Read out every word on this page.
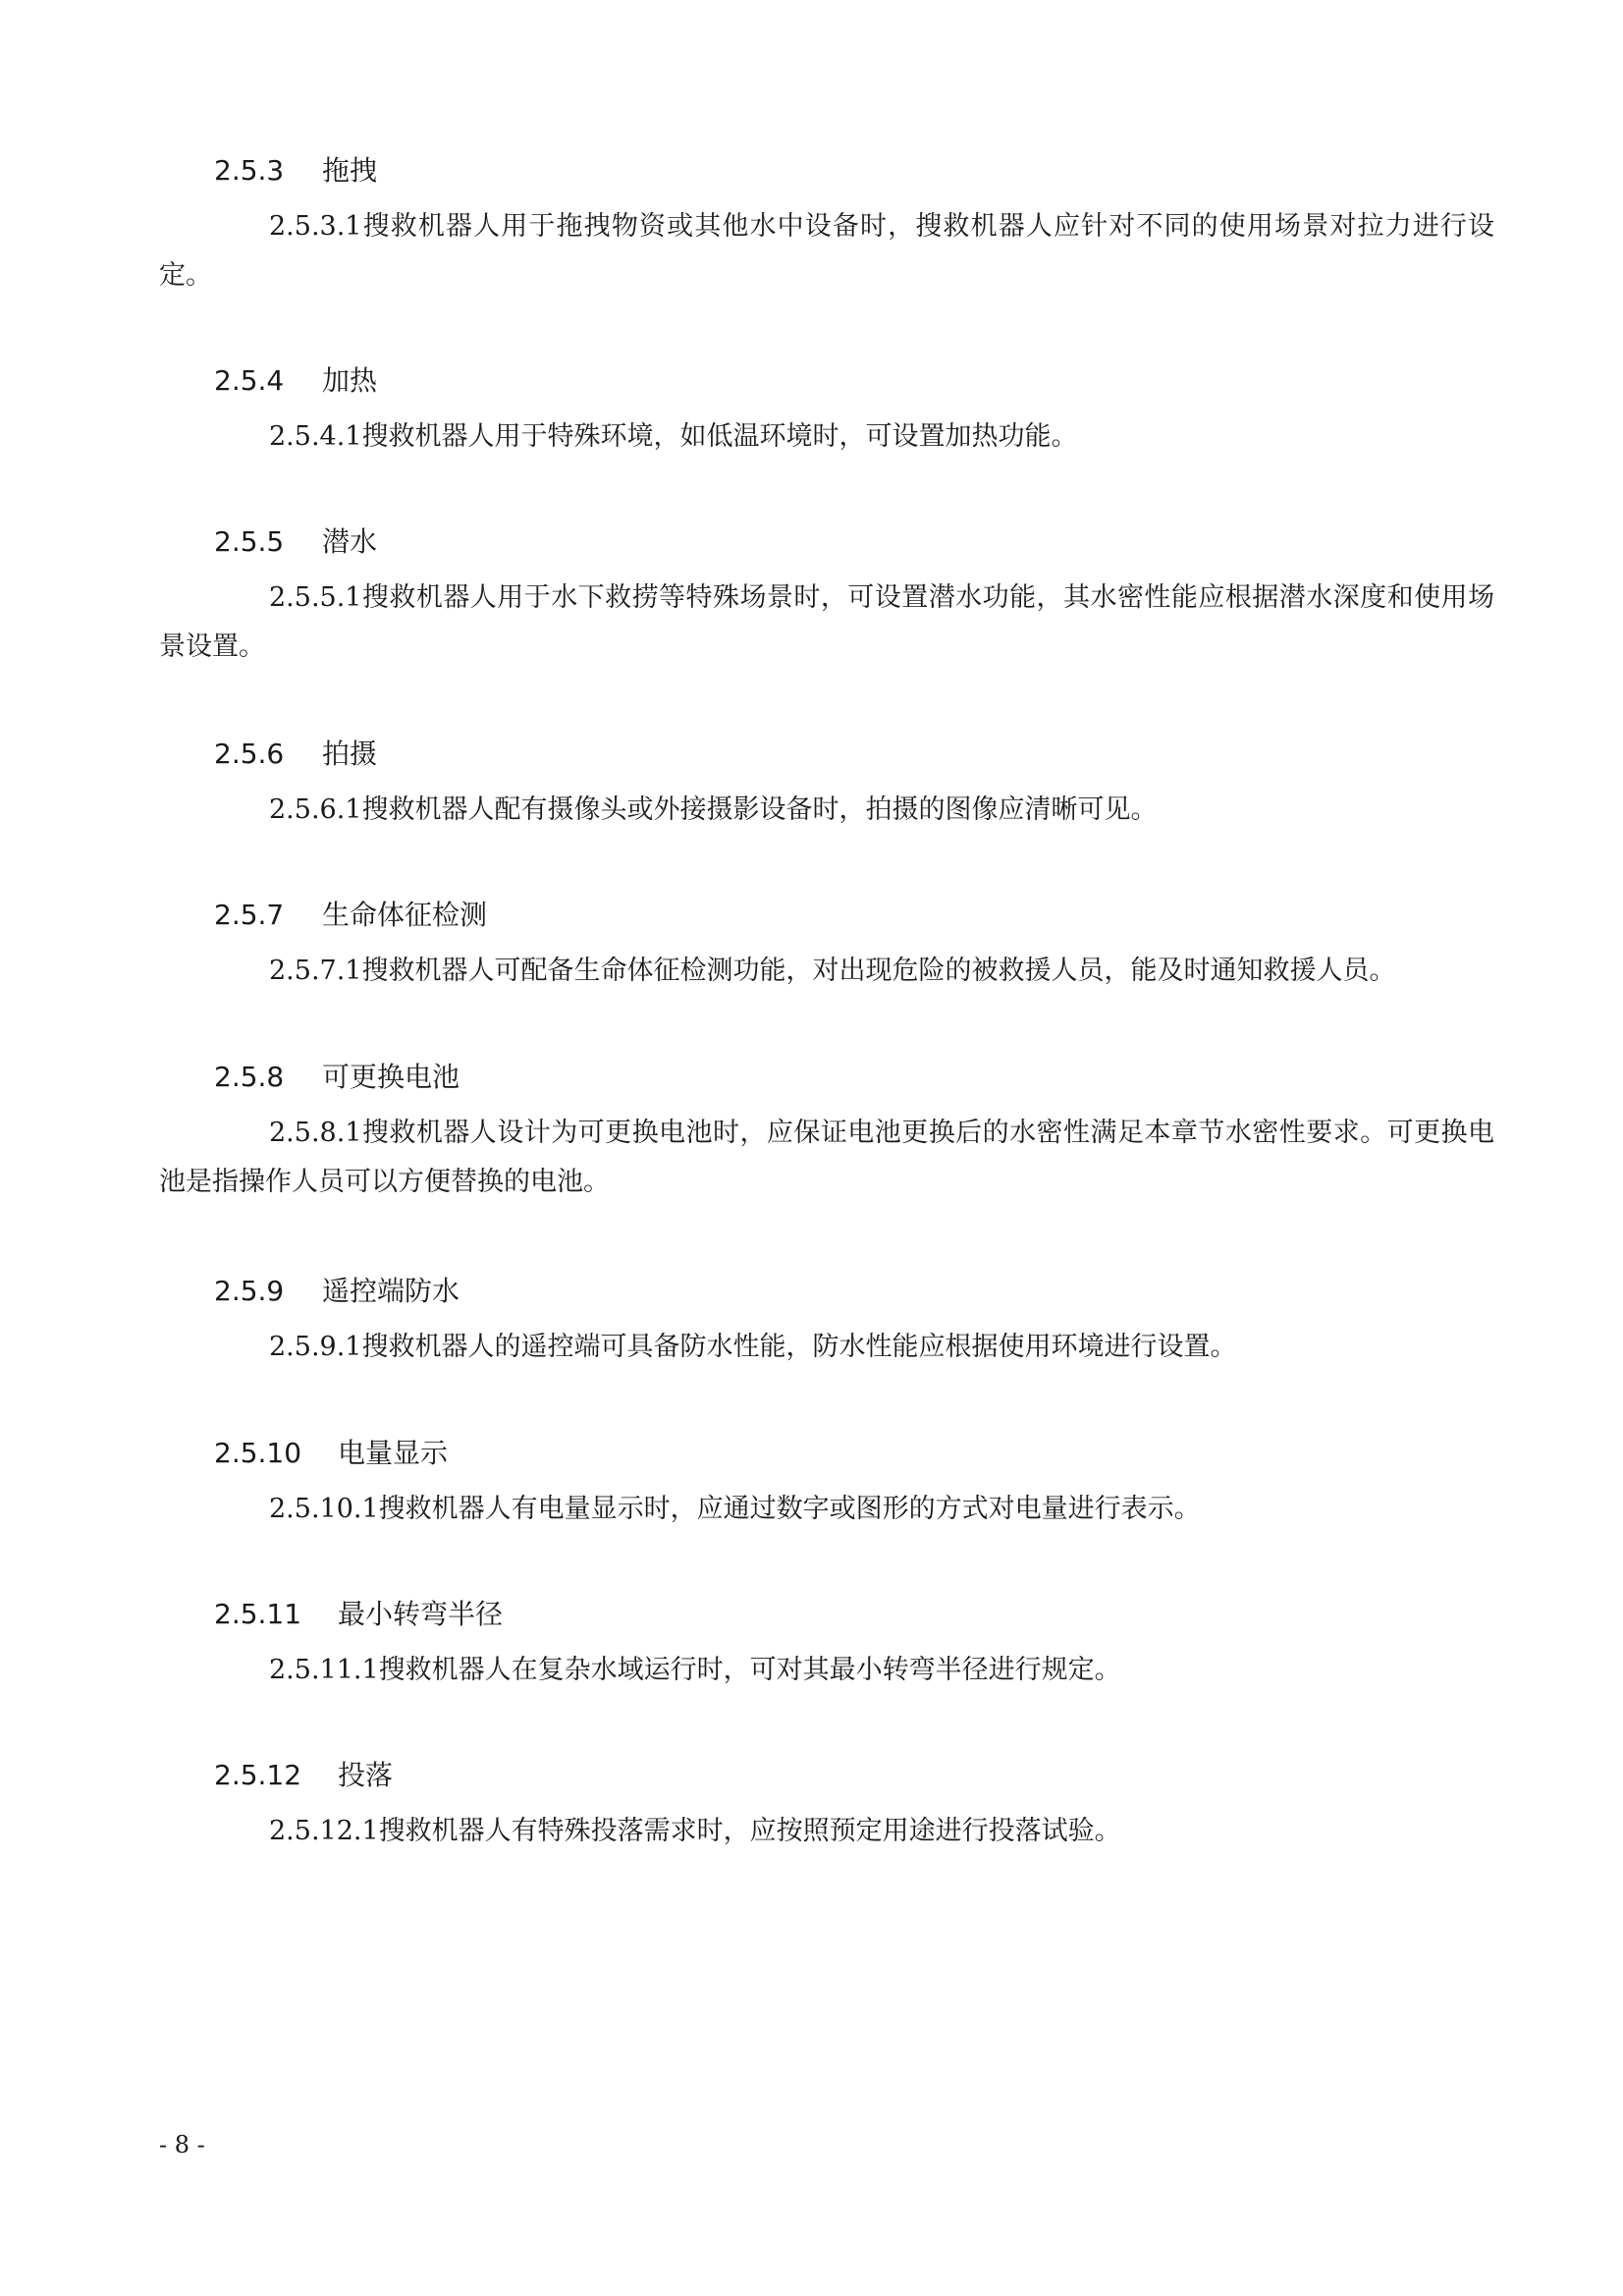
2.5.3 拖拽
2.5.3.1搜救机器人用于拖拽物资或其他水中设备时，搜救机器人应针对不同的使用场景对拉力进行设定。
2.5.4 加热
2.5.4.1搜救机器人用于特殊环境，如低温环境时，可设置加热功能。
2.5.5 潜水
2.5.5.1搜救机器人用于水下救捞等特殊场景时，可设置潜水功能，其水密性能应根据潜水深度和使用场景设置。
2.5.6 拍摄
2.5.6.1搜救机器人配有摄像头或外接摄影设备时，拍摄的图像应清晰可见。
2.5.7 生命体征检测
2.5.7.1搜救机器人可配备生命体征检测功能，对出现危险的被救援人员，能及时通知救援人员。
2.5.8 可更换电池
2.5.8.1搜救机器人设计为可更换电池时，应保证电池更换后的水密性满足本章节水密性要求。可更换电池是指操作人员可以方便替换的电池。
2.5.9 遥控端防水
2.5.9.1搜救机器人的遥控端可具备防水性能，防水性能应根据使用环境进行设置。
2.5.10 电量显示
2.5.10.1搜救机器人有电量显示时，应通过数字或图形的方式对电量进行表示。
2.5.11 最小转弯半径
2.5.11.1搜救机器人在复杂水域运行时，可对其最小转弯半径进行规定。
2.5.12 投落
2.5.12.1搜救机器人有特殊投落需求时，应按照预定用途进行投落试验。
- 8 -
